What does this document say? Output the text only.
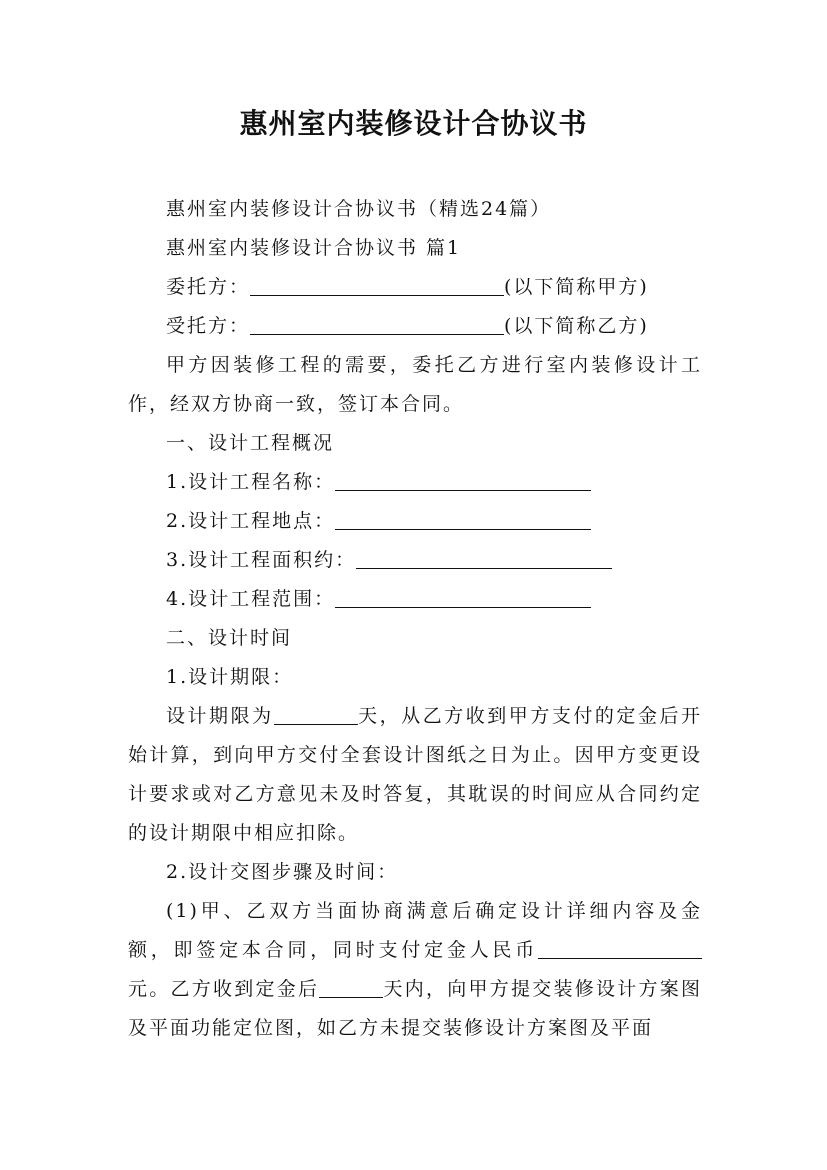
惠州室内装修设计合协议书

惠州室内装修设计合协议书（精选24篇）

惠州室内装修设计合协议书 篇1

委托方：	(以下简称甲方)

受托方：	(以下简称乙方)

甲方因装修工程的需要，委托乙方进行室内装修设计工作，经双方协商一致，签订本合同。

一、设计工程概况

1.设计工程名称：

2.设计工程地点：

3.设计工程面积约：

4.设计工程范围：

二、设计时间

1.设计期限：

设计期限为	天，从乙方收到甲方支付的定金后开始计算，到向甲方交付全套设计图纸之日为止。因甲方变更设计要求或对乙方意见未及时答复，其耽误的时间应从合同约定的设计期限中相应扣除。

2.设计交图步骤及时间：

(1)甲、乙双方当面协商满意后确定设计详细内容及金额，即签定本合同，同时支付定金人民币元。乙方收到定金后	天内，向甲方提交装修设计方案图及平面功能定位图，如乙方未提交装修设计方案图及平面
